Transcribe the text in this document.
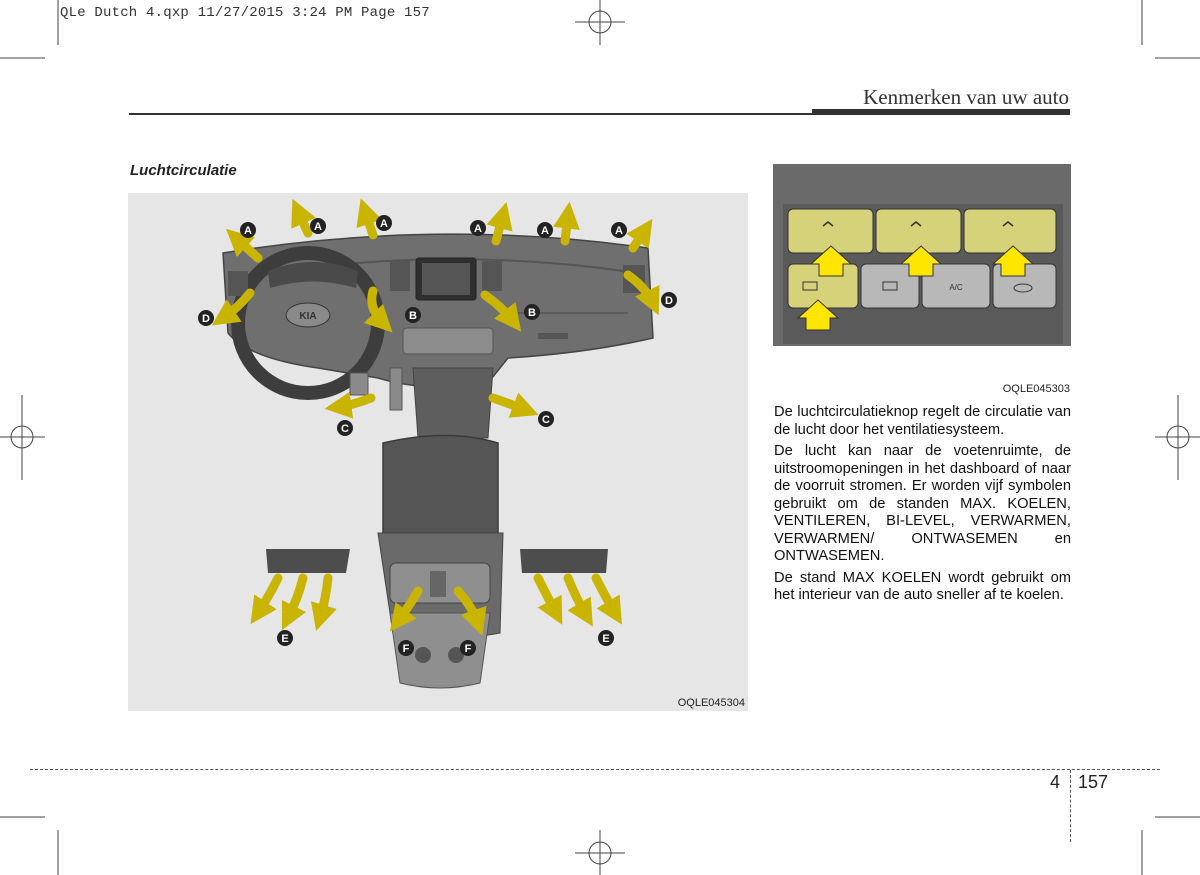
QLe Dutch 4.qxp 11/27/2015 3:24 PM Page 157
Kenmerken van uw auto
Luchtcirculatie
KIA
A	A	A	A	A	A
B	B
C
C
D
D
E	E
F	F
OQLE045304
A/C
OQLE045303

De luchtcirculatieknop regelt de circulatie van de lucht door het ventilatiesysteem.

De lucht kan naar de voetenruimte, de uitstroomopeningen in het dashboard of naar de voorruit stromen. Er worden vijf symbolen gebruikt om de standen MAX. KOELEN, VENTILEREN, BI-LEVEL, VERWARMEN, VERWARMEN/ ONTWASEMEN en ONTWASEMEN.

De stand MAX KOELEN wordt gebruikt om het interieur van de auto sneller af te koelen.

4 157
